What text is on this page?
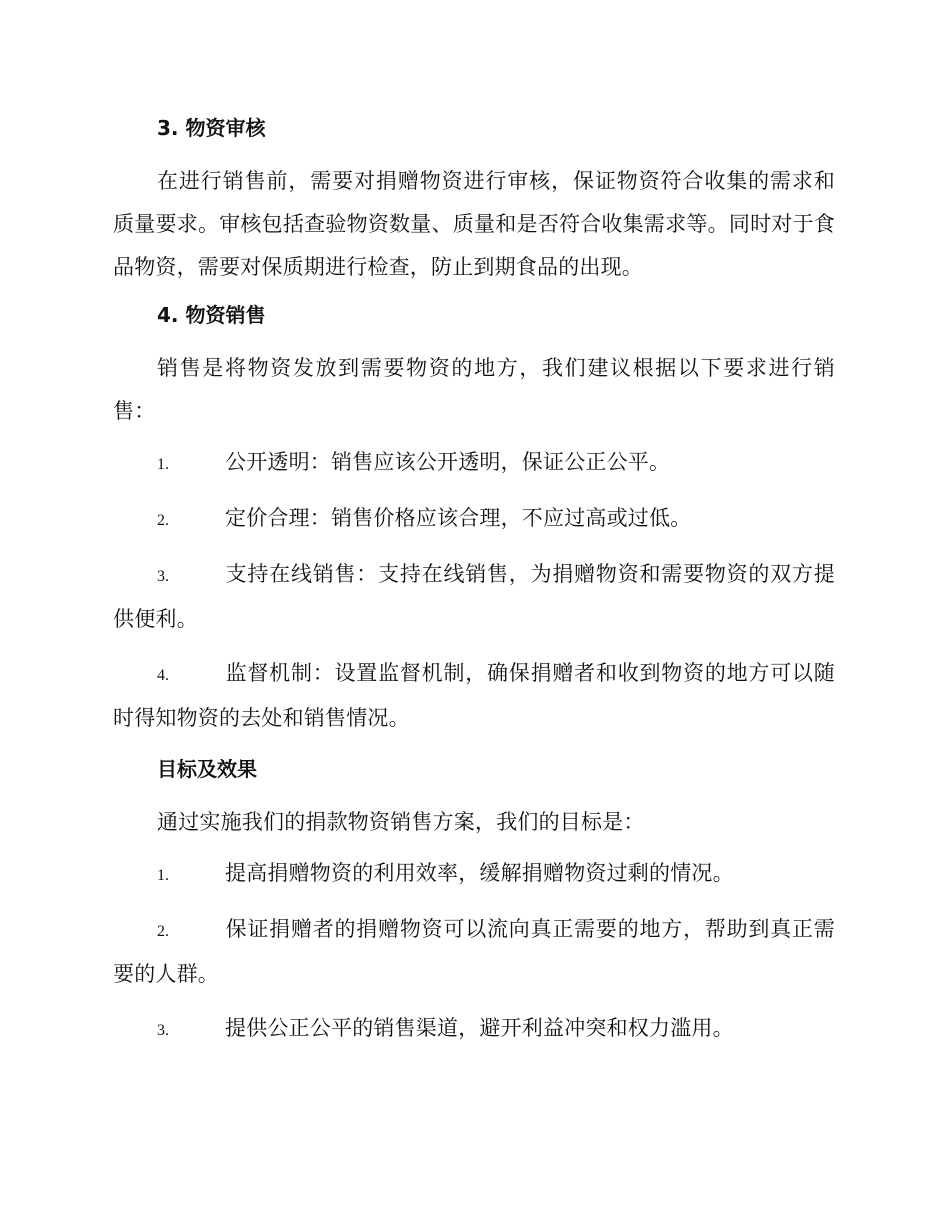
3. 物资审核
在进行销售前，需要对捐赠物资进行审核，保证物资符合收集的需求和质量要求。审核包括查验物资数量、质量和是否符合收集需求等。同时对于食品物资，需要对保质期进行检查，防止到期食品的出现。
4. 物资销售
销售是将物资发放到需要物资的地方，我们建议根据以下要求进行销售：
1.	公开透明：销售应该公开透明，保证公正公平。
2.	定价合理：销售价格应该合理，不应过高或过低。
3.	支持在线销售：支持在线销售，为捐赠物资和需要物资的双方提供便利。
4.	监督机制：设置监督机制，确保捐赠者和收到物资的地方可以随时得知物资的去处和销售情况。
目标及效果
通过实施我们的捐款物资销售方案，我们的目标是：
1.	提高捐赠物资的利用效率，缓解捐赠物资过剩的情况。
2.	保证捐赠者的捐赠物资可以流向真正需要的地方，帮助到真正需要的人群。
3.	提供公正公平的销售渠道，避开利益冲突和权力滥用。
